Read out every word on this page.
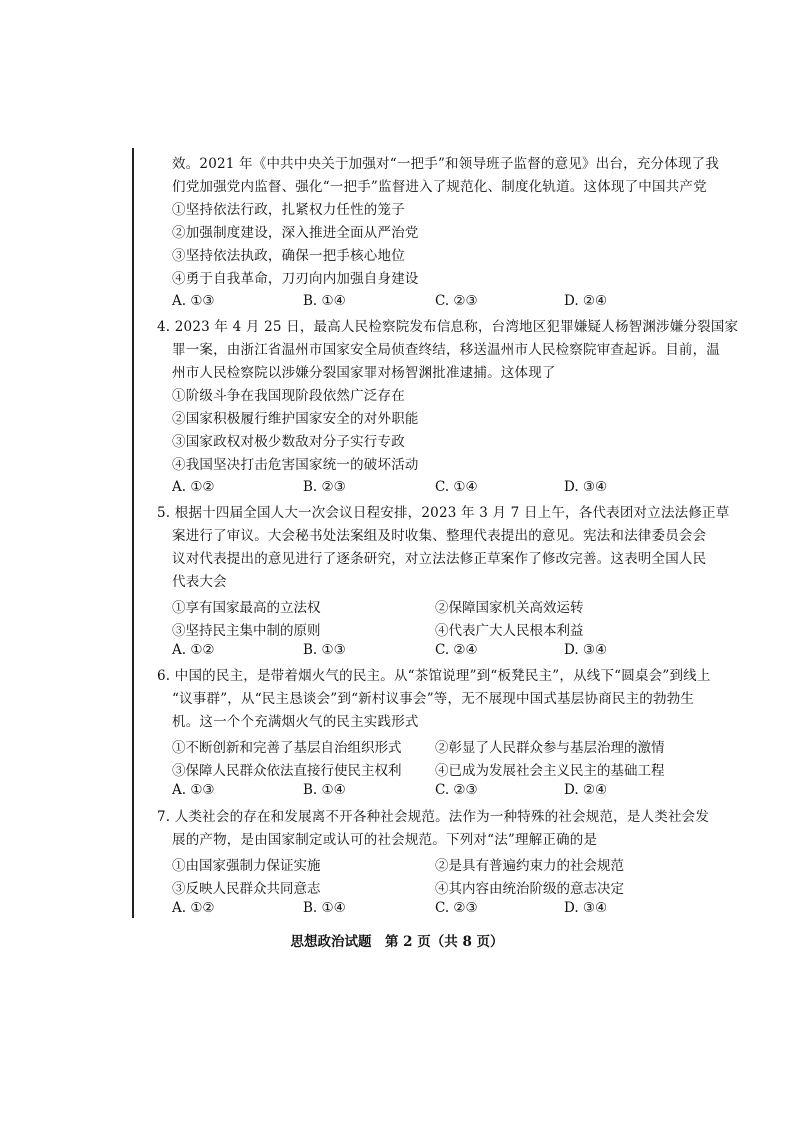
效。2021 年《中共中央关于加强对“一把手”和领导班子监督的意见》出台，充分体现了我
们党加强党内监督、强化“一把手”监督进入了规范化、制度化轨道。这体现了中国共产党
①坚持依法行政，扎紧权力任性的笼子
②加强制度建设，深入推进全面从严治党
③坚持依法执政，确保一把手核心地位
④勇于自我革命，刀刃向内加强自身建设
A. ①③	B. ①④	C. ②③	D. ②④
4. 2023 年 4 月 25 日，最高人民检察院发布信息称，台湾地区犯罪嫌疑人杨智渊涉嫌分裂国家
罪一案，由浙江省温州市国家安全局侦查终结，移送温州市人民检察院审查起诉。目前，温
州市人民检察院以涉嫌分裂国家罪对杨智渊批准逮捕。这体现了
①阶级斗争在我国现阶段依然广泛存在
②国家积极履行维护国家安全的对外职能
③国家政权对极少数敌对分子实行专政
④我国坚决打击危害国家统一的破坏活动
A. ①②	B. ②③	C. ①④	D. ③④
5. 根据十四届全国人大一次会议日程安排，2023 年 3 月 7 日上午，各代表团对立法法修正草
案进行了审议。大会秘书处法案组及时收集、整理代表提出的意见。宪法和法律委员会会
议对代表提出的意见进行了逐条研究，对立法法修正草案作了修改完善。这表明全国人民
代表大会
①享有国家最高的立法权	②保障国家机关高效运转
③坚持民主集中制的原则	④代表广大人民根本利益
A. ①②	B. ①③	C. ②④	D. ③④
6. 中国的民主，是带着烟火气的民主。从“茶馆说理”到“板凳民主”，从线下“圆桌会”到线上
“议事群”，从“民主恳谈会”到“新村议事会”等，无不展现中国式基层协商民主的勃勃生
机。这一个个充满烟火气的民主实践形式
①不断创新和完善了基层自治组织形式 ②彰显了人民群众参与基层治理的激情
③保障人民群众依法直接行使民主权利 ④已成为发展社会主义民主的基础工程
A. ①③	B. ①④	C. ②③	D. ②④
7. 人类社会的存在和发展离不开各种社会规范。法作为一种特殊的社会规范，是人类社会发
展的产物，是由国家制定或认可的社会规范。下列对“法”理解正确的是
①由国家强制力保证实施	②是具有普遍约束力的社会规范
③反映人民群众共同意志	④其内容由统治阶级的意志决定
A. ①②	B. ①④	C. ②③	D. ③④
思想政治试题　第 2 页（共 8 页）
